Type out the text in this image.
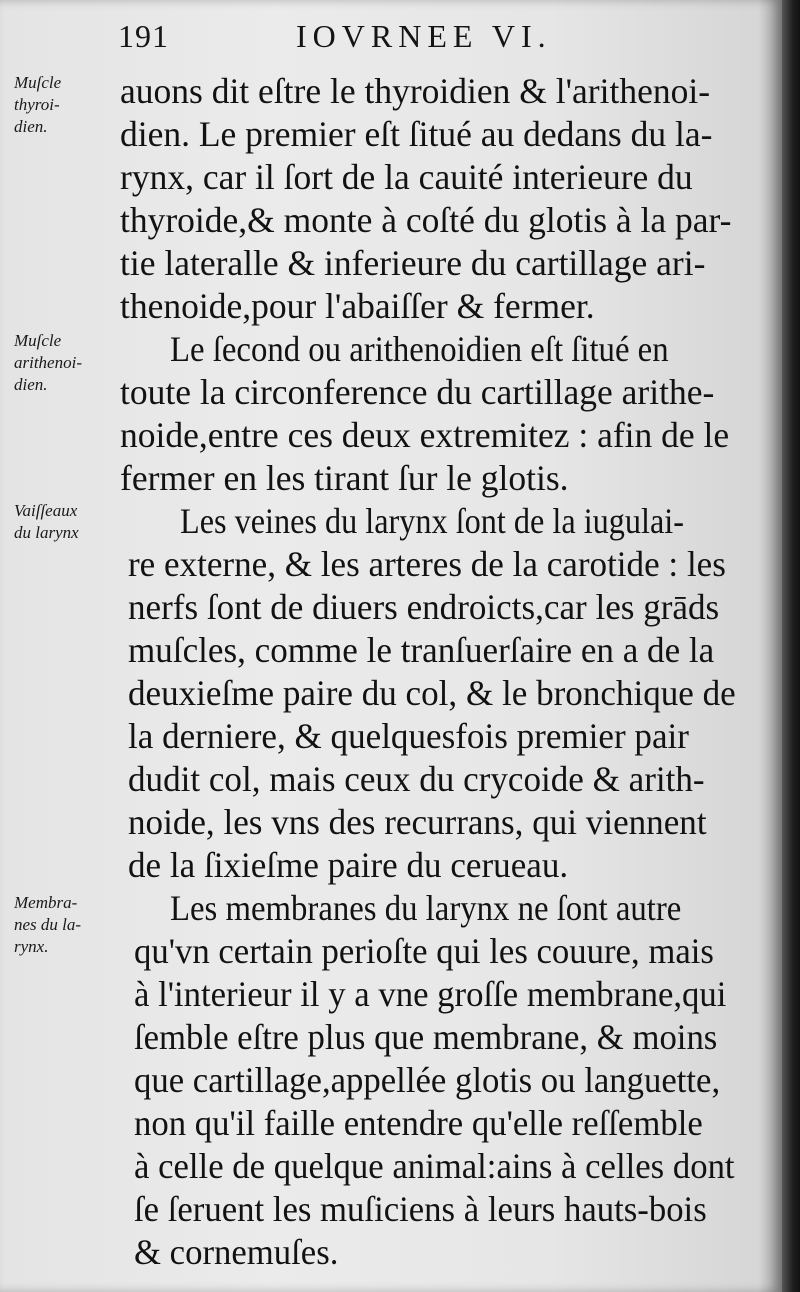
191	IOVRNEE VI.
Muſcle
thyroi-
dien.
Muſcle
arithenoi-
dien.
Vaiſſeaux
du larynx
Membra-
nes du la-
rynx.
auons dit eſtre le thyroidien & l'arithenoi-
dien. Le premier eſt ſitué au dedans du la-
rynx, car il ſort de la cauité interieure du
thyroide,& monte à coſté du glotis à la par-
tie lateralle & inferieure du cartillage ari-
thenoide,pour l'abaiſſer & fermer.
Le ſecond ou arithenoidien eſt ſitué en
toute la circonference du cartillage arithe-
noide,entre ces deux extremitez : afin de le
fermer en les tirant ſur le glotis.
Les veines du larynx ſont de la iugulai-
re externe, & les arteres de la carotide : les
nerfs ſont de diuers endroicts,car les grāds
muſcles, comme le tranſuerſaire en a de la
deuxieſme paire du col, & le bronchique de
la derniere, & quelquesfois premier pair
dudit col, mais ceux du crycoide & arith-
noide, les vns des recurrans, qui viennent
de la ſixieſme paire du cerueau.
Les membranes du larynx ne ſont autre
qu'vn certain perioſte qui les couure, mais
à l'interieur il y a vne groſſe membrane,qui
ſemble eſtre plus que membrane, & moins
que cartillage,appellée glotis ou languette,
non qu'il faille entendre qu'elle reſſemble
à celle de quelque animal:ains à celles dont
ſe ſeruent les muſiciens à leurs hauts-bois
& cornemuſes.
